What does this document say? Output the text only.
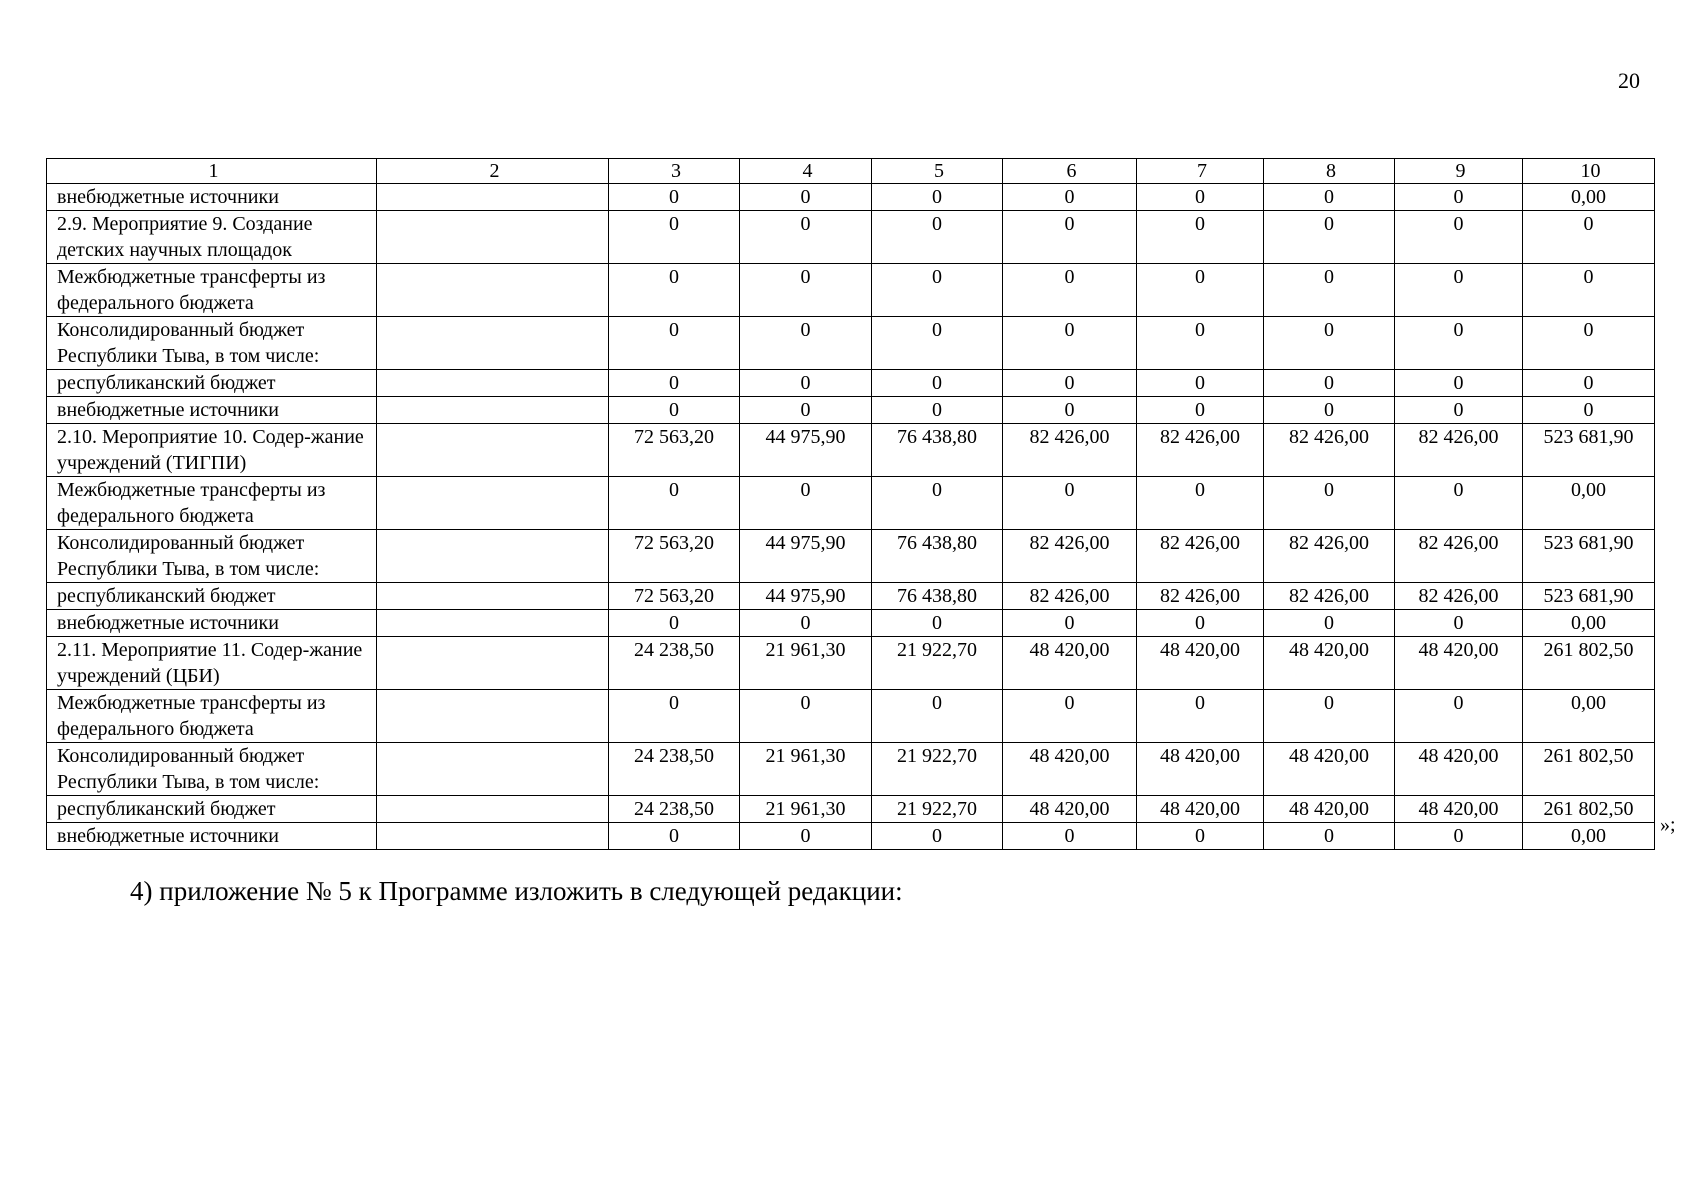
20
1	2	3	4	5	6	7	8	9	10
внебюджетные источники		0	0	0	0	0	0	0	0,00
2.9. Мероприятие 9. Создание детских научных площадок		0	0	0	0	0	0	0	0
Межбюджетные трансферты из федерального бюджета		0	0	0	0	0	0	0	0
Консолидированный бюджет Республики Тыва, в том числе:		0	0	0	0	0	0	0	0
республиканский бюджет		0	0	0	0	0	0	0	0
внебюджетные источники		0	0	0	0	0	0	0	0
2.10. Мероприятие 10. Содер-жание учреждений (ТИГПИ)		72 563,20	44 975,90	76 438,80	82 426,00	82 426,00	82 426,00	82 426,00	523 681,90
Межбюджетные трансферты из федерального бюджета		0	0	0	0	0	0	0	0,00
Консолидированный бюджет Республики Тыва, в том числе:		72 563,20	44 975,90	76 438,80	82 426,00	82 426,00	82 426,00	82 426,00	523 681,90
республиканский бюджет		72 563,20	44 975,90	76 438,80	82 426,00	82 426,00	82 426,00	82 426,00	523 681,90
внебюджетные источники		0	0	0	0	0	0	0	0,00
2.11. Мероприятие 11. Содер-жание учреждений (ЦБИ)		24 238,50	21 961,30	21 922,70	48 420,00	48 420,00	48 420,00	48 420,00	261 802,50
Межбюджетные трансферты из федерального бюджета		0	0	0	0	0	0	0	0,00
Консолидированный бюджет Республики Тыва, в том числе:		24 238,50	21 961,30	21 922,70	48 420,00	48 420,00	48 420,00	48 420,00	261 802,50
республиканский бюджет		24 238,50	21 961,30	21 922,70	48 420,00	48 420,00	48 420,00	48 420,00	261 802,50
внебюджетные источники		0	0	0	0	0	0	0	0,00	»;
4) приложение № 5 к Программе изложить в следующей редакции:
